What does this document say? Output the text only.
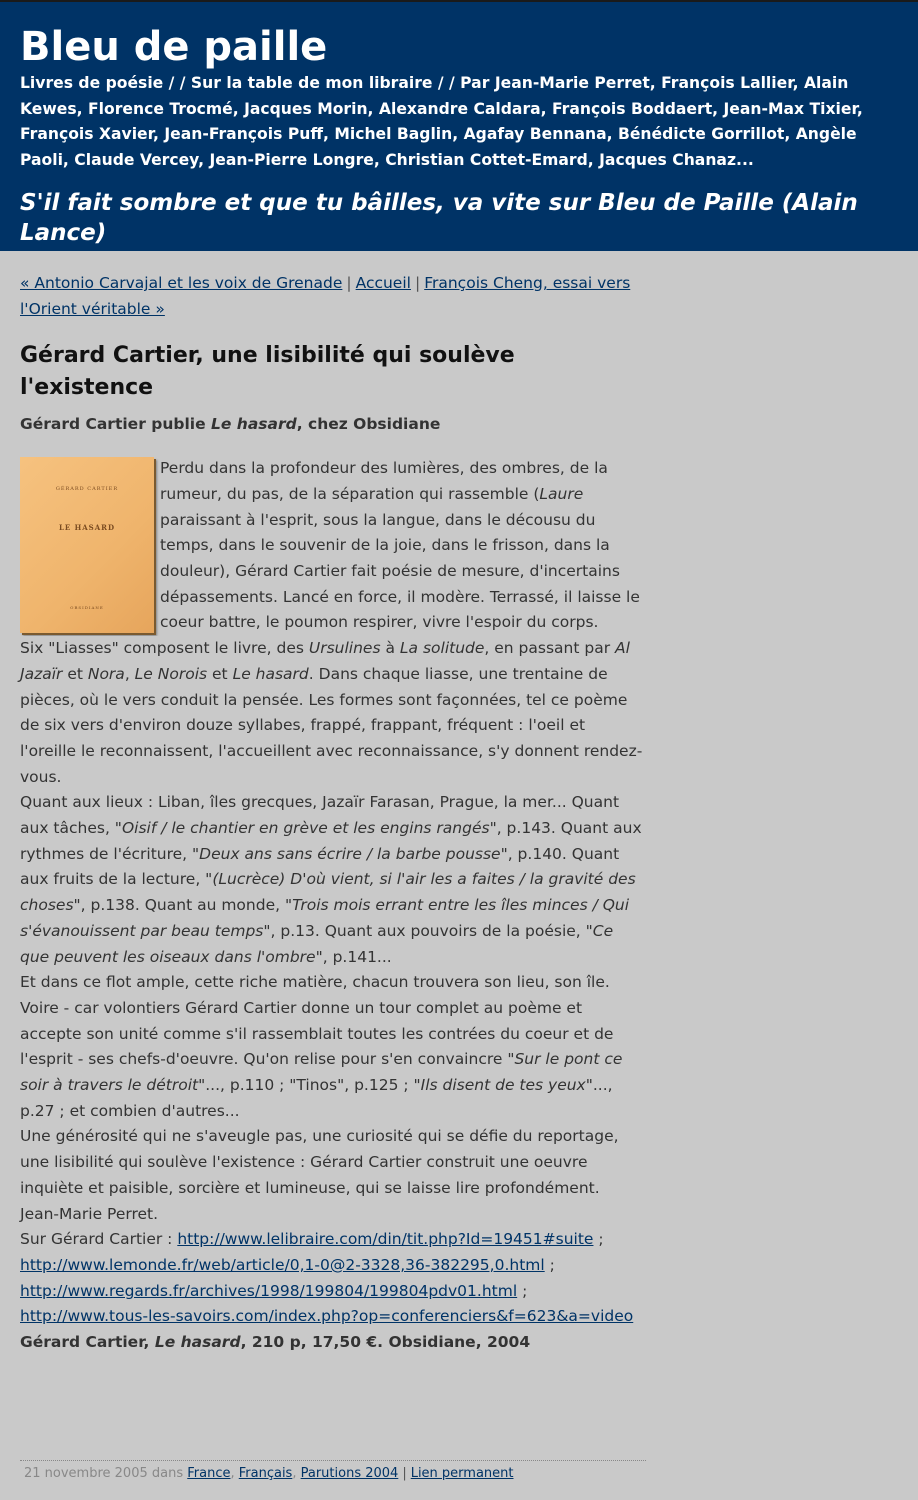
Bleu de paille
Livres de poésie / / Sur la table de mon libraire / / Par Jean-Marie Perret, François Lallier, Alain Kewes, Florence Trocmé, Jacques Morin, Alexandre Caldara, François Boddaert, Jean-Max Tixier, François Xavier, Jean-François Puff, Michel Baglin, Agafay Bennana, Bénédicte Gorrillot, Angèle Paoli, Claude Vercey, Jean-Pierre Longre, Christian Cottet-Emard, Jacques Chanaz...
S'il fait sombre et que tu bâilles, va vite sur Bleu de Paille (Alain Lance)
« Antonio Carvajal et les voix de Grenade | Accueil | François Cheng, essai vers l'Orient véritable »
Gérard Cartier, une lisibilité qui soulève l'existence

Gérard Cartier publie Le hasard, chez Obsidiane

GÉRARD CARTIER
LE HASARD
OBSIDIANE

Perdu dans la profondeur des lumières, des ombres, de la rumeur, du pas, de la séparation qui rassemble (Laure paraissant à l'esprit, sous la langue, dans le décousu du temps, dans le souvenir de la joie, dans le frisson, dans la douleur), Gérard Cartier fait poésie de mesure, d'incertains dépassements. Lancé en force, il modère. Terrassé, il laisse le coeur battre, le poumon respirer, vivre l'espoir du corps.

Six "Liasses" composent le livre, des Ursulines à La solitude, en passant par Al Jazaïr et Nora, Le Norois et Le hasard. Dans chaque liasse, une trentaine de pièces, où le vers conduit la pensée. Les formes sont façonnées, tel ce poème de six vers d'environ douze syllabes, frappé, frappant, fréquent : l'oeil et l'oreille le reconnaissent, l'accueillent avec reconnaissance, s'y donnent rendez-vous.

Quant aux lieux : Liban, îles grecques, Jazaïr Farasan, Prague, la mer... Quant aux tâches, "Oisif / le chantier en grève et les engins rangés", p.143. Quant aux rythmes de l'écriture, "Deux ans sans écrire / la barbe pousse", p.140. Quant aux fruits de la lecture, "(Lucrèce) D'où vient, si l'air les a faites / la gravité des choses", p.138. Quant au monde, "Trois mois errant entre les îles minces / Qui s'évanouissent par beau temps", p.13. Quant aux pouvoirs de la poésie, "Ce que peuvent les oiseaux dans l'ombre", p.141...

Et dans ce flot ample, cette riche matière, chacun trouvera son lieu, son île. Voire - car volontiers Gérard Cartier donne un tour complet au poème et accepte son unité comme s'il rassemblait toutes les contrées du coeur et de l'esprit - ses chefs-d'oeuvre. Qu'on relise pour s'en convaincre "Sur le pont ce soir à travers le détroit"..., p.110 ; "Tinos", p.125 ; "Ils disent de tes yeux"..., p.27 ; et combien d'autres...

Une générosité qui ne s'aveugle pas, une curiosité qui se défie du reportage, une lisibilité qui soulève l'existence : Gérard Cartier construit une oeuvre inquiète et paisible, sorcière et lumineuse, qui se laisse lire profondément.

Jean-Marie Perret.

Sur Gérard Cartier : http://www.lelibraire.com/din/tit.php?Id=19451#suite ;
http://www.lemonde.fr/web/article/0,1-0@2-3328,36-382295,0.html ;
http://www.regards.fr/archives/1998/199804/199804pdv01.html ;
http://www.tous-les-savoirs.com/index.php?op=conferenciers&f=623&a=video

Gérard Cartier, Le hasard, 210 p, 17,50 €. Obsidiane, 2004

21 novembre 2005 dans France, Français, Parutions 2004 | Lien permanent
